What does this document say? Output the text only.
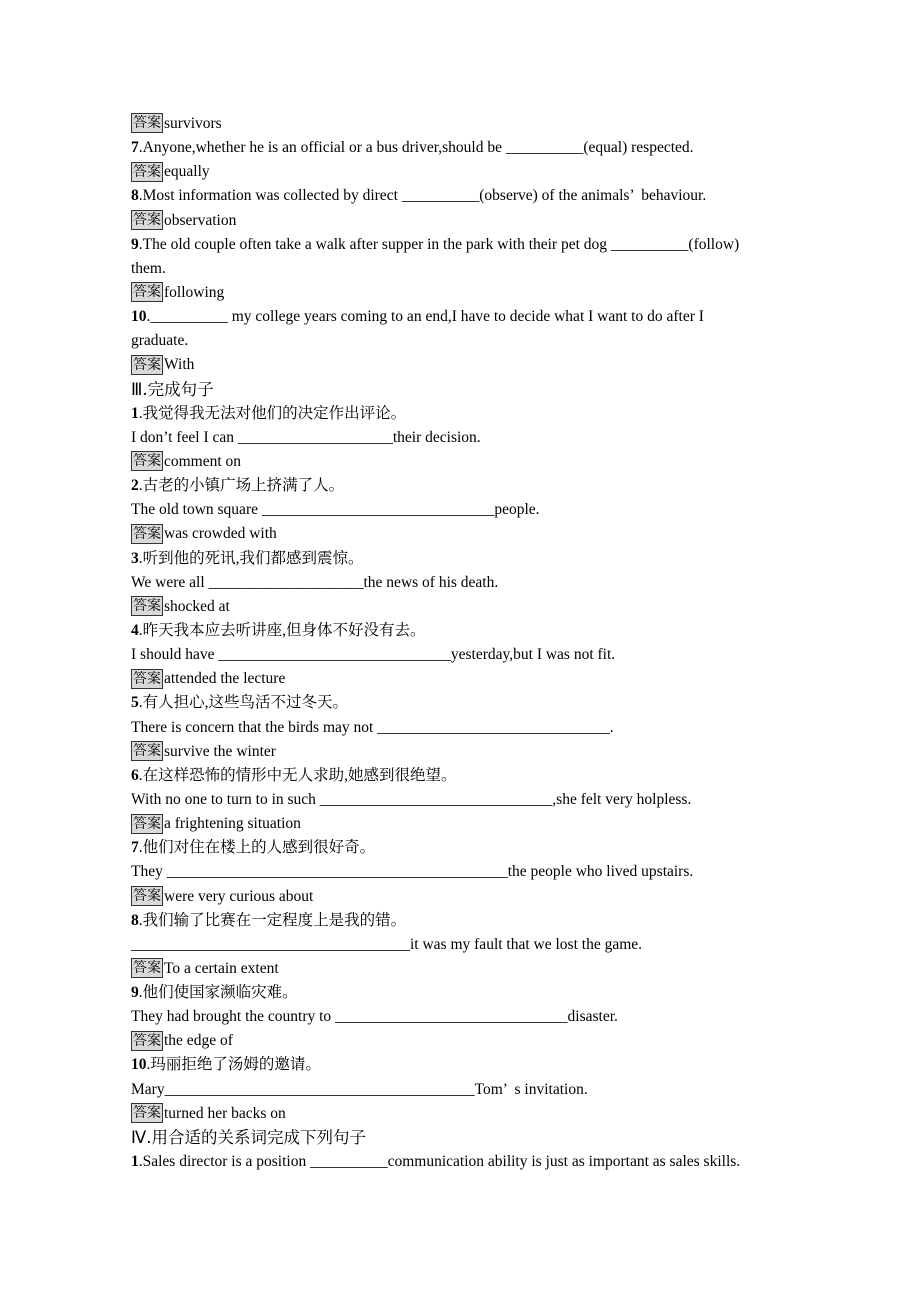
答案 survivors
7.Anyone,whether he is an official or a bus driver,should be __________(equal) respected.
答案 equally
8.Most information was collected by direct __________(observe) of the animals’  behaviour.
答案 observation
9.The old couple often take a walk after supper in the park with their pet dog __________(follow)
them.
答案 following
10.__________ my college years coming to an end,I have to decide what I want to do after I
graduate.
答案 With
Ⅲ.完成句子
1.我觉得我无法对他们的决定作出评论。
I don’t feel I can ____________________their decision.
答案 comment on
2.古老的小镇广场上挤满了人。
The old town square ______________________________people.
答案 was crowded with
3.听到他的死讯,我们都感到震惊。
We were all ____________________the news of his death.
答案 shocked at
4.昨天我本应去听讲座,但身体不好没有去。
I should have ______________________________yesterday,but I was not fit.
答案 attended the lecture
5.有人担心,这些鸟活不过冬天。
There is concern that the birds may not ______________________________.
答案 survive the winter
6.在这样恐怖的情形中无人求助,她感到很绝望。
With no one to turn to in such ______________________________,she felt very holpless.
答案 a frightening situation
7.他们对住在楼上的人感到很好奇。
They ____________________________________________the people who lived upstairs.
答案 were very curious about
8.我们输了比赛在一定程度上是我的错。
____________________________________it was my fault that we lost the game.
答案 To a certain extent
9.他们使国家濒临灾难。
They had brought the country to ______________________________disaster.
答案 the edge of
10.玛丽拒绝了汤姆的邀请。
Mary________________________________________Tom’  s invitation.
答案 turned her backs on
Ⅳ.用合适的关系词完成下列句子
1.Sales director is a position __________communication ability is just as important as sales skills.
